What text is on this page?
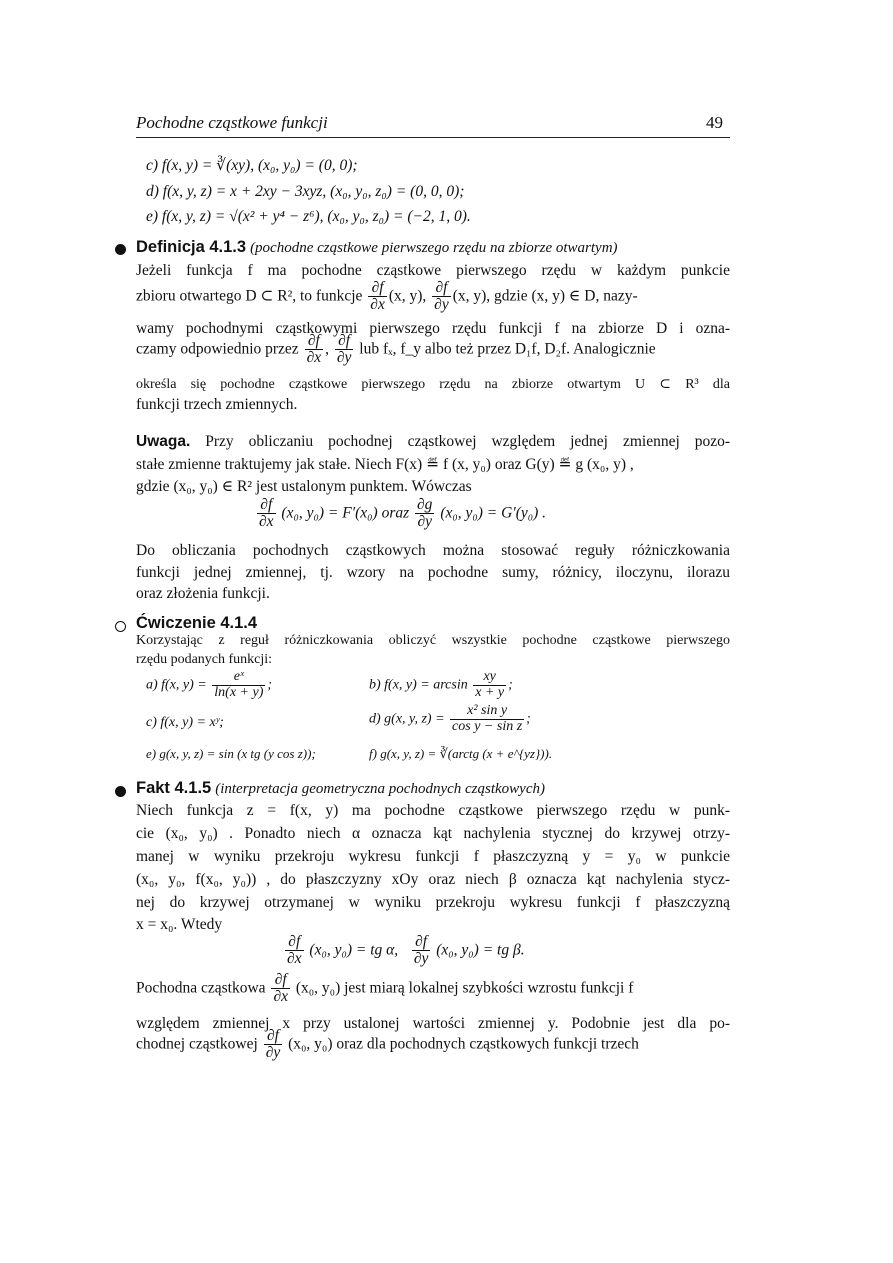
Pochodne cząstkowe funkcji	49
c) f(x, y) = ∛(xy), (x₀, y₀) = (0, 0);
d) f(x, y, z) = x + 2xy − 3xyz, (x₀, y₀, z₀) = (0, 0, 0);
e) f(x, y, z) = √(x² + y⁴ − z⁶), (x₀, y₀, z₀) = (−2, 1, 0).
Definicja 4.1.3 (pochodne cząstkowe pierwszego rzędu na zbiorze otwartym)
Jeżeli funkcja f ma pochodne cząstkowe pierwszego rzędu w każdym punkcie
zbioru otwartego D ⊂ R², to funkcje $\frac{\partial f}{\partial x} (x$, y), $\frac{\partial f}{\partial y} (x$, y), gdzie (x, y) ∈ D, nazy-
wamy pochodnymi cząstkowymi pierwszego rzędu funkcji f na zbiorze D i ozna-
czamy odpowiednio przez $\frac{\partial f}{\partial x}$ , $\frac{\partial f}{\partial y}$ lub fₓ, f_y albo też przez D₁f, D₂f. Analogicznie
określa się pochodne cząstkowe pierwszego rzędu na zbiorze otwartym U ⊂ R³ dla
funkcji trzech zmiennych.
Uwaga. Przy obliczaniu pochodnej cząstkowej względem jednej zmiennej pozo-
stałe zmienne traktujemy jak stałe. Niech F(x) ≝ f (x, y₀) oraz G(y) ≝ g (x₀, y) ,
gdzie (x₀, y₀) ∈ R² jest ustalonym punktem. Wówczas
$\frac{\partial f}{\partial x} (x_0$, y₀) = F′(x₀) oraz $\frac{\partial g}{\partial y} (x_0$, y₀) = G′(y₀) .
Do obliczania pochodnych cząstkowych można stosować reguły różniczkowania
funkcji jednej zmiennej, tj. wzory na pochodne sumy, różnicy, iloczynu, ilorazu
oraz złożenia funkcji.
Ćwiczenie 4.1.4
Korzystając z reguł różniczkowania obliczyć wszystkie pochodne cząstkowe pierwszego
rzędu podanych funkcji:
a) f(x, $y) = \frac{\text{eˣ}}{\ln(x + y)}$ ;	b) f(x, $y) = \arcsin \frac{xy}{x + y}$ ;
c) f(x, y) = xʸ;	d) g(x, y, $z) = \frac{\text{x² sin y}}{\text{cos y − sin z}}$ ;
e) g(x, y, z) = sin (x tg (y cos z));	f) g(x, y, z) = ∛(arctg (x + e^{yz})).
Fakt 4.1.5 (interpretacja geometryczna pochodnych cząstkowych)
Niech funkcja z = f(x, y) ma pochodne cząstkowe pierwszego rzędu w punk-
cie (x₀, y₀) . Ponadto niech α oznacza kąt nachylenia stycznej do krzywej otrzy-
manej w wyniku przekroju wykresu funkcji f płaszczyzną y = y₀ w punkcie
(x₀, y₀, f(x₀, y₀)) , do płaszczyzny xOy oraz niech β oznacza kąt nachylenia stycz-
nej do krzywej otrzymanej w wyniku przekroju wykresu funkcji f płaszczyzną
x = x₀. Wtedy
$\frac{\partial f}{\partial x} (x_0$, y₀) = tg α, $\frac{\partial f}{\partial y} (x_0$, y₀) = tg β.
Pochodna cząstkowa $\frac{\partial f}{\partial x} (x_0$, y₀) jest miarą lokalnej szybkości wzrostu funkcji f
względem zmiennej x przy ustalonej wartości zmiennej y. Podobnie jest dla po-
chodnej cząstkowej $\frac{\partial f}{\partial y} (x_0$, y₀) oraz dla pochodnych cząstkowych funkcji trzech
